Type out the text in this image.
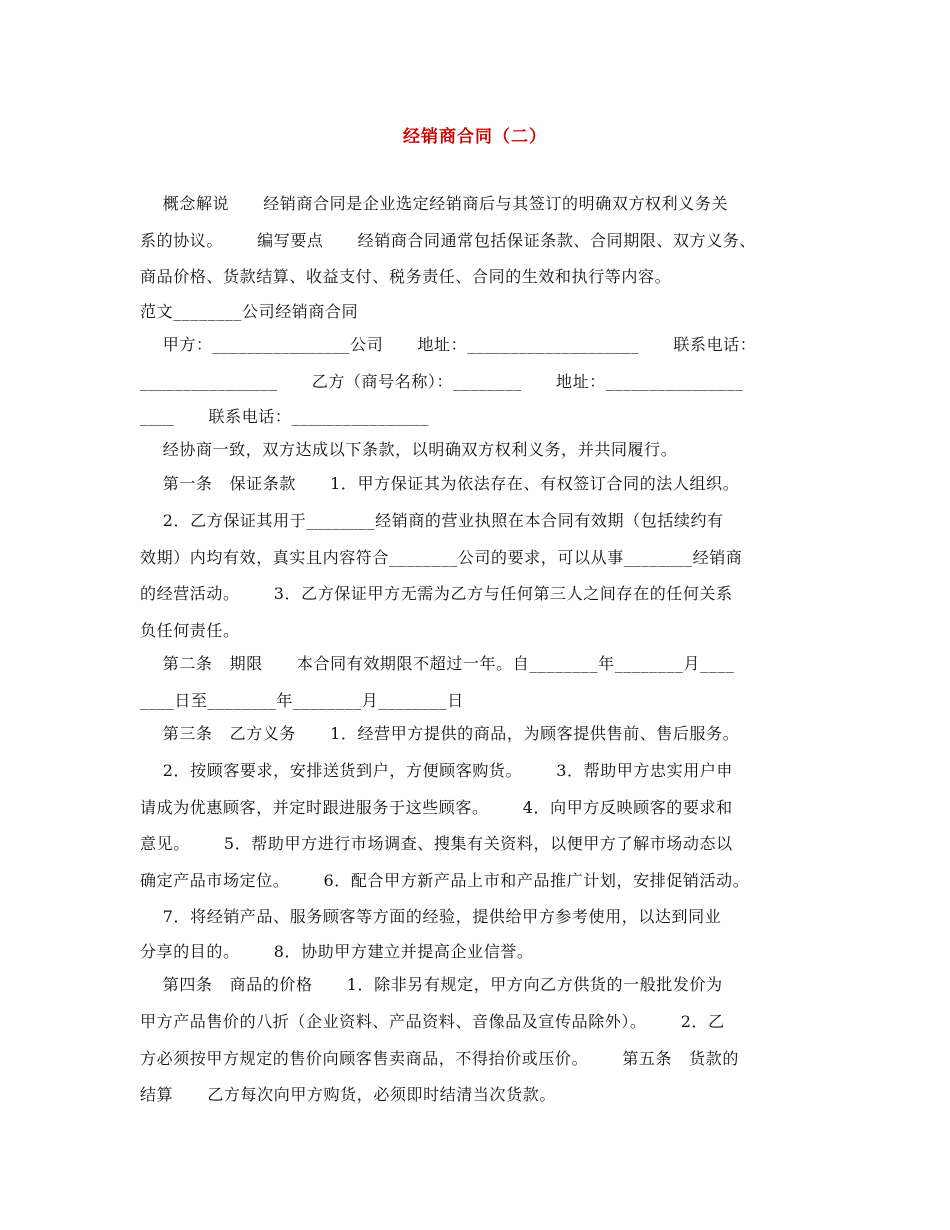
经销商合同（二）
概念解说      经销商合同是企业选定经销商后与其签订的明确双方权利义务关
系的协议。      编写要点      经销商合同通常包括保证条款、合同期限、双方义务、
商品价格、货款结算、收益支付、税务责任、合同的生效和执行等内容。
范文________公司经销商合同
甲方：________________公司      地址：____________________      联系电话：
________________      乙方（商号名称）：________      地址：________________
____      联系电话：________________
经协商一致，双方达成以下条款，以明确双方权利义务，并共同履行。
第一条   保证条款      1．甲方保证其为依法存在、有权签订合同的法人组织。
2．乙方保证其用于________经销商的营业执照在本合同有效期（包括续约有
效期）内均有效，真实且内容符合________公司的要求，可以从事________经销商
的经营活动。      3．乙方保证甲方无需为乙方与任何第三人之间存在的任何关系
负任何责任。
第二条   期限      本合同有效期限不超过一年。自________年________月____
____日至________年________月________日
第三条   乙方义务      1．经营甲方提供的商品，为顾客提供售前、售后服务。
2．按顾客要求，安排送货到户，方便顾客购货。      3．帮助甲方忠实用户申
请成为优惠顾客，并定时跟进服务于这些顾客。      4．向甲方反映顾客的要求和
意见。      5．帮助甲方进行市场调查、搜集有关资料，以便甲方了解市场动态以
确定产品市场定位。      6．配合甲方新产品上市和产品推广计划，安排促销活动。
7．将经销产品、服务顾客等方面的经验，提供给甲方参考使用，以达到同业
分享的目的。      8．协助甲方建立并提高企业信誉。
第四条   商品的价格      1．除非另有规定，甲方向乙方供货的一般批发价为
甲方产品售价的八折（企业资料、产品资料、音像品及宣传品除外）。      2．乙
方必须按甲方规定的售价向顾客售卖商品，不得抬价或压价。      第五条   货款的
结算      乙方每次向甲方购货，必须即时结清当次货款。
